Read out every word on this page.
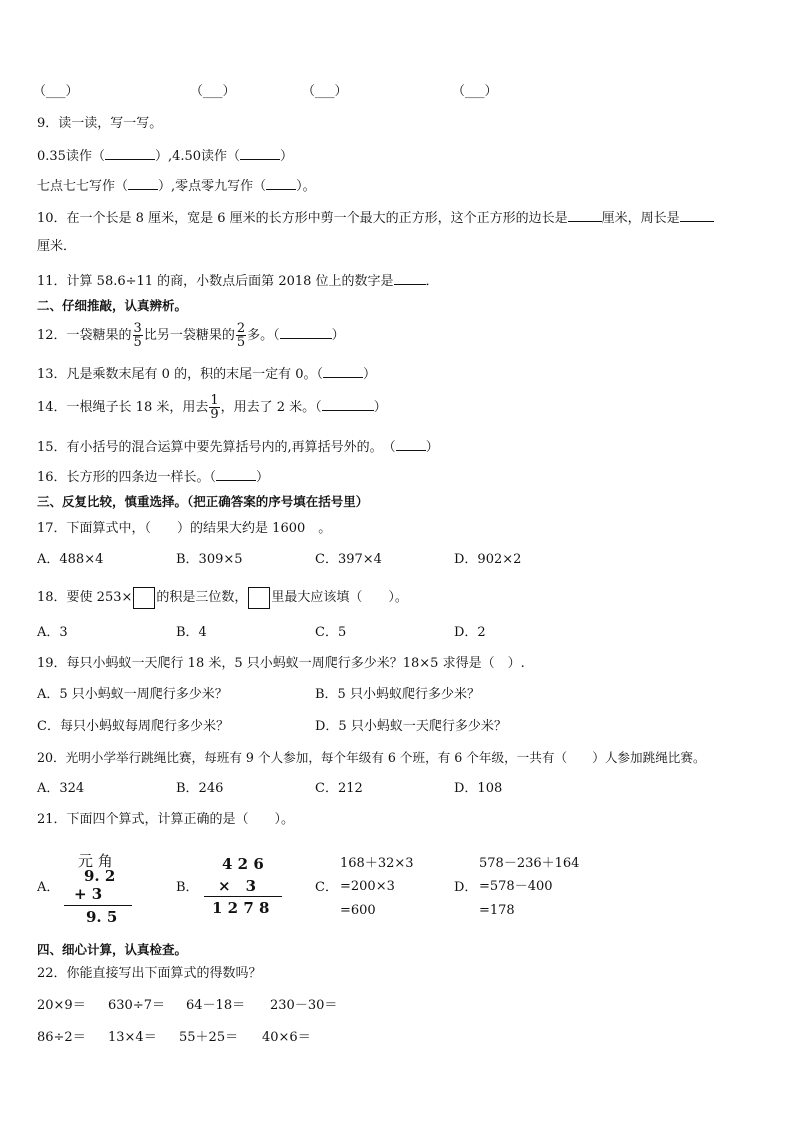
（___）	（___）	（___）	（___）
9．读一读，写一写。
0.35读作（	）,4.50读作（	）
七点七七写作（ ）,零点零九写作（ ）。
10．在一个长是 8 厘米，宽是 6 厘米的长方形中剪一个最大的正方形，这个正方形的边长是	厘米，周长是
厘米．
11．计算 58.6÷11 的商，小数点后面第 2018 位上的数字是 ．
二、仔细推敲，认真辨析。
12．一袋糖果的 $\frac{3}{5}$ 比另一袋糖果的 $\frac{2}{5}$ 多。（	）
13．凡是乘数末尾有 0 的，积的末尾一定有 0。（	）
14．一根绳子长 18 米，用去 $\frac{1}{9}$ ，用去了 2 米。（	）
15．有小括号的混合运算中要先算括号内的,再算括号外的。　（ ）
16．长方形的四条边一样长。（	）
三、反复比较，慎重选择。（把正确答案的序号填在括号里）
17．下面算式中，（　　）的结果大约是 1600　。
A．488×4	B．309×5	C．397×4	D．902×2
18．要使 253× 的积是三位数， 里最大应该填（　　）。
A．3	B．4	C．5	D．2
19．每只小蚂蚁一天爬行 18 米，5 只小蚂蚁一周爬行多少米？18×5 求得是（　）.
A．5 只小蚂蚁一周爬行多少米？	B．5 只小蚂蚁爬行多少米？
C．每只小蚂蚁每周爬行多少米？	D．5 只小蚂蚁一天爬行多少米？
20．光明小学举行跳绳比赛，每班有 9 个人参加，每个年级有 6 个班，有 6 个年级，一共有（　　）人参加跳绳比赛。
A．324	B．246	C．212	D．108
21．下面四个算式，计算正确的是（　　）。
A．
元 角
9. 2
+ 3
9. 5
B．
4 2 6
×　3
1 2 7 8
C．
168＋32×3
=200×3
=600
D．
578－236＋164
=578－400
=178
四、细心计算，认真检查。
22．你能直接写出下面算式的得数吗？
20×9＝ 630÷7＝ 64－18＝ 230－30＝
86÷2＝ 13×4＝ 55＋25＝ 40×6＝
